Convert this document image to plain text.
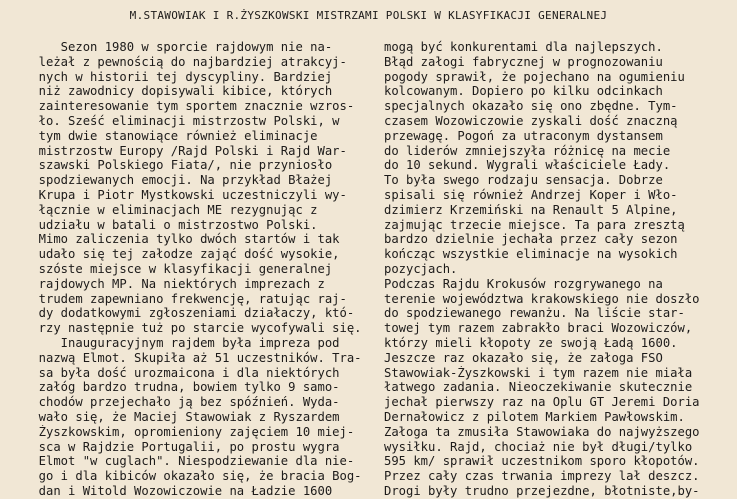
M.STAWOWIAK I R.ŻYSZKOWSKI MISTRZAMI POLSKI W KLASYFIKACJI GENERALNEJ
Sezon 1980 w sporcie rajdowym nie na-
leżał z pewnością do najbardziej atrakcyj-
nych w historii tej dyscypliny. Bardziej
niż zawodnicy dopisywali kibice, których
zainteresowanie tym sportem znacznie wzros-
ło. Sześć eliminacji mistrzostw Polski, w
tym dwie stanowiące również eliminacje
mistrzostw Europy /Rajd Polski i Rajd War-
szawski Polskiego Fiata/, nie przyniosło
spodziewanych emocji. Na przykład Błażej
Krupa i Piotr Mystkowski uczestniczyli wy-
łącznie w eliminacjach ME rezygnując z
udziału w batali o mistrzostwo Polski.
Mimo zaliczenia tylko dwóch startów i tak
udało się tej załodze zająć dość wysokie,
szóste miejsce w klasyfikacji generalnej
rajdowych MP. Na niektórych imprezach z
trudem zapewniano frekwencję, ratując raj-
dy dodatkowymi zgłoszeniami działaczy, któ-
rzy następnie tuż po starcie wycofywali się.
Inauguracyjnym rajdem była impreza pod
nazwą Elmot. Skupiła aż 51 uczestników. Tra-
sa była dość urozmaicona i dla niektórych
załóg bardzo trudna, bowiem tylko 9 samo-
chodów przejechało ją bez spóźnień. Wyda-
wało się, że Maciej Stawowiak z Ryszardem
Żyszkowskim, opromieniony zajęciem 10 miej-
sca w Rajdzie Portugalii, po prostu wygra
Elmot "w cuglach". Niespodziewanie dla nie-
go i dla kibiców okazało się, że bracia Bog-
dan i Witold Wozowiczowie na Ładzie 1600
mogą być konkurentami dla najlepszych.
Błąd załogi fabrycznej w prognozowaniu
pogody sprawił, że pojechano na ogumieniu
kolcowanym. Dopiero po kilku odcinkach
specjalnych okazało się ono zbędne. Tym-
czasem Wozowiczowie zyskali dość znaczną
przewagę. Pogoń za utraconym dystansem
do liderów zmniejszyła różnicę na mecie
do 10 sekund. Wygrali właściciele Łady.
To była swego rodzaju sensacja. Dobrze
spisali się również Andrzej Koper i Wło-
dzimierz Krzemiński na Renault 5 Alpine,
zajmując trzecie miejsce. Ta para zresztą
bardzo dzielnie jechała przez cały sezon
kończąc wszystkie eliminacje na wysokich
pozycjach.
Podczas Rajdu Krokusów rozgrywanego na
terenie województwa krakowskiego nie doszło
do spodziewanego rewanżu. Na liście star-
towej tym razem zabrakło braci Wozowiczów,
którzy mieli kłopoty ze swoją Ładą 1600.
Jeszcze raz okazało się, że załoga FSO
Stawowiak-Żyszkowski i tym razem nie miała
łatwego zadania. Nieoczekiwanie skutecznie
jechał pierwszy raz na Oplu GT Jeremi Doria
Dernałowicz z pilotem Markiem Pawłowskim.
Załoga ta zmusiła Stawowiaka do najwyższego
wysiłku. Rajd, chociaż nie był długi/tylko
595 km/ sprawił uczestnikom sporo kłopotów.
Przez cały czas trwania imprezy lał deszcz.
Drogi były trudno przejezdne, błotniste,by-
